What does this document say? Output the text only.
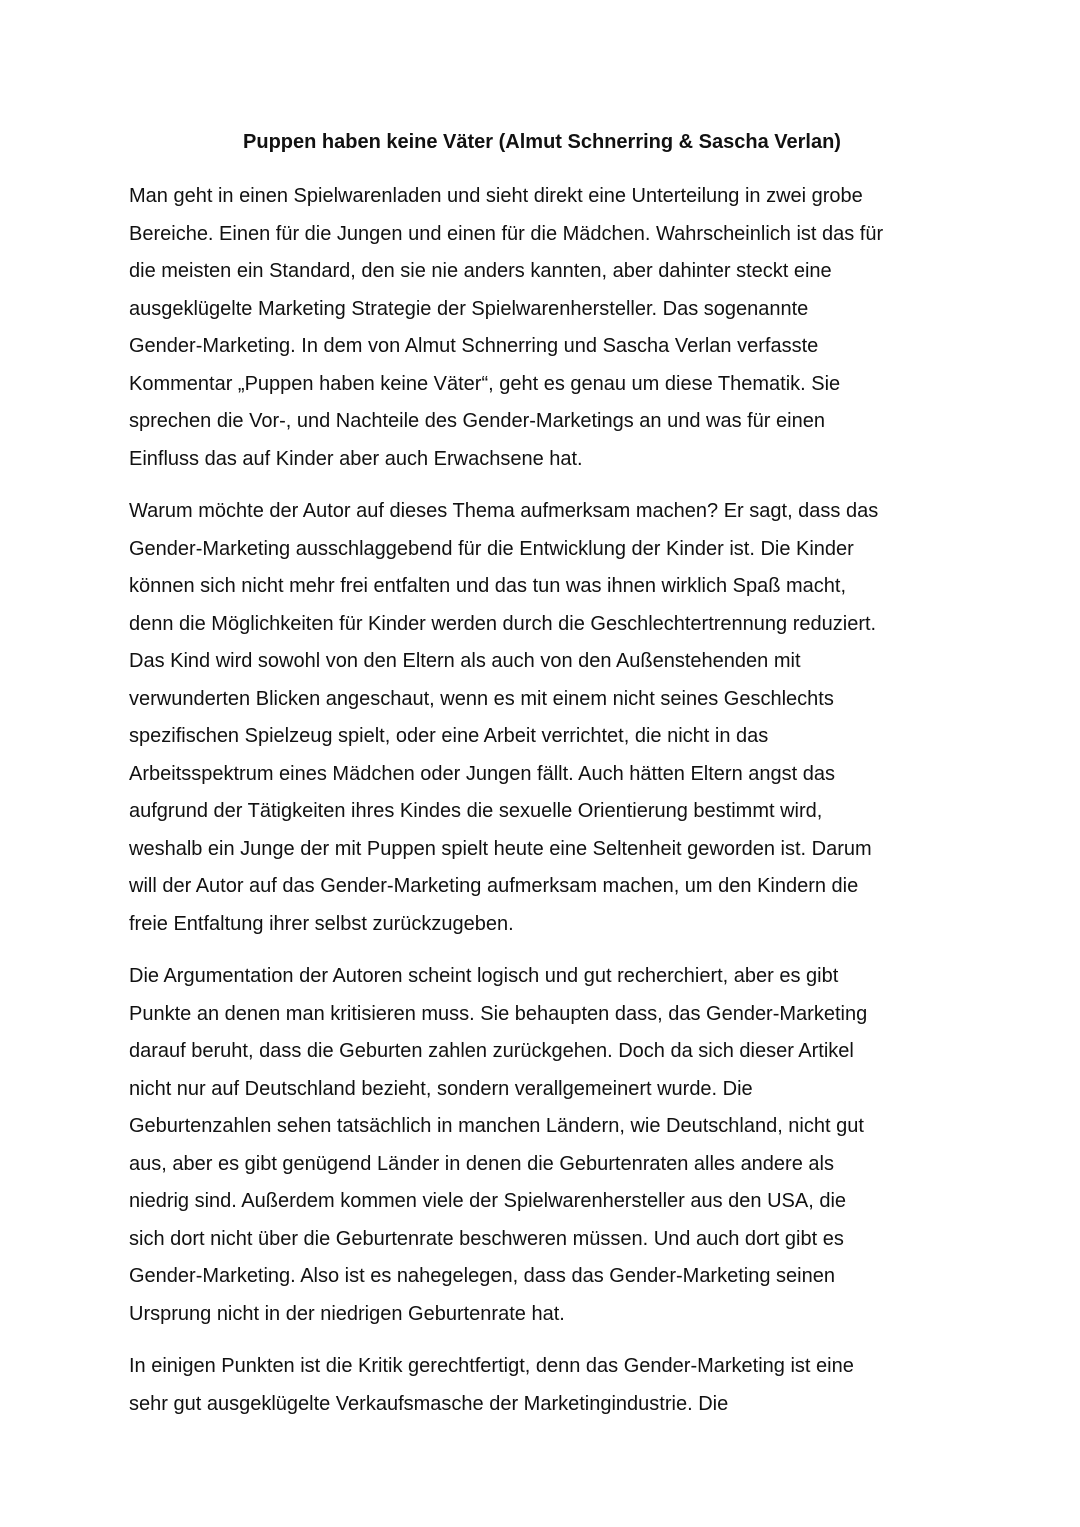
Puppen haben keine Väter (Almut Schnerring & Sascha Verlan)
Man geht in einen Spielwarenladen und sieht direkt eine Unterteilung in zwei grobe
Bereiche. Einen für die Jungen und einen für die Mädchen. Wahrscheinlich ist das für
die meisten ein Standard, den sie nie anders kannten, aber dahinter steckt eine
ausgeklügelte Marketing Strategie der Spielwarenhersteller. Das sogenannte
Gender-Marketing. In dem von Almut Schnerring und Sascha Verlan verfasste
Kommentar „Puppen haben keine Väter“, geht es genau um diese Thematik. Sie
sprechen die Vor-, und Nachteile des Gender-Marketings an und was für einen
Einfluss das auf Kinder aber auch Erwachsene hat.
Warum möchte der Autor auf dieses Thema aufmerksam machen? Er sagt, dass das
Gender-Marketing ausschlaggebend für die Entwicklung der Kinder ist. Die Kinder
können sich nicht mehr frei entfalten und das tun was ihnen wirklich Spaß macht,
denn die Möglichkeiten für Kinder werden durch die Geschlechtertrennung reduziert.
Das Kind wird sowohl von den Eltern als auch von den Außenstehenden mit
verwunderten Blicken angeschaut, wenn es mit einem nicht seines Geschlechts
spezifischen Spielzeug spielt, oder eine Arbeit verrichtet, die nicht in das
Arbeitsspektrum eines Mädchen oder Jungen fällt. Auch hätten Eltern angst das
aufgrund der Tätigkeiten ihres Kindes die sexuelle Orientierung bestimmt wird,
weshalb ein Junge der mit Puppen spielt heute eine Seltenheit geworden ist. Darum
will der Autor auf das Gender-Marketing aufmerksam machen, um den Kindern die
freie Entfaltung ihrer selbst zurückzugeben.
Die Argumentation der Autoren scheint logisch und gut recherchiert, aber es gibt
Punkte an denen man kritisieren muss. Sie behaupten dass, das Gender-Marketing
darauf beruht, dass die Geburten zahlen zurückgehen. Doch da sich dieser Artikel
nicht nur auf Deutschland bezieht, sondern verallgemeinert wurde. Die
Geburtenzahlen sehen tatsächlich in manchen Ländern, wie Deutschland, nicht gut
aus, aber es gibt genügend Länder in denen die Geburtenraten alles andere als
niedrig sind. Außerdem kommen viele der Spielwarenhersteller aus den USA, die
sich dort nicht über die Geburtenrate beschweren müssen. Und auch dort gibt es
Gender-Marketing. Also ist es nahegelegen, dass das Gender-Marketing seinen
Ursprung nicht in der niedrigen Geburtenrate hat.
In einigen Punkten ist die Kritik gerechtfertigt, denn das Gender-Marketing ist eine
sehr gut ausgeklügelte Verkaufsmasche der Marketingindustrie. Die
